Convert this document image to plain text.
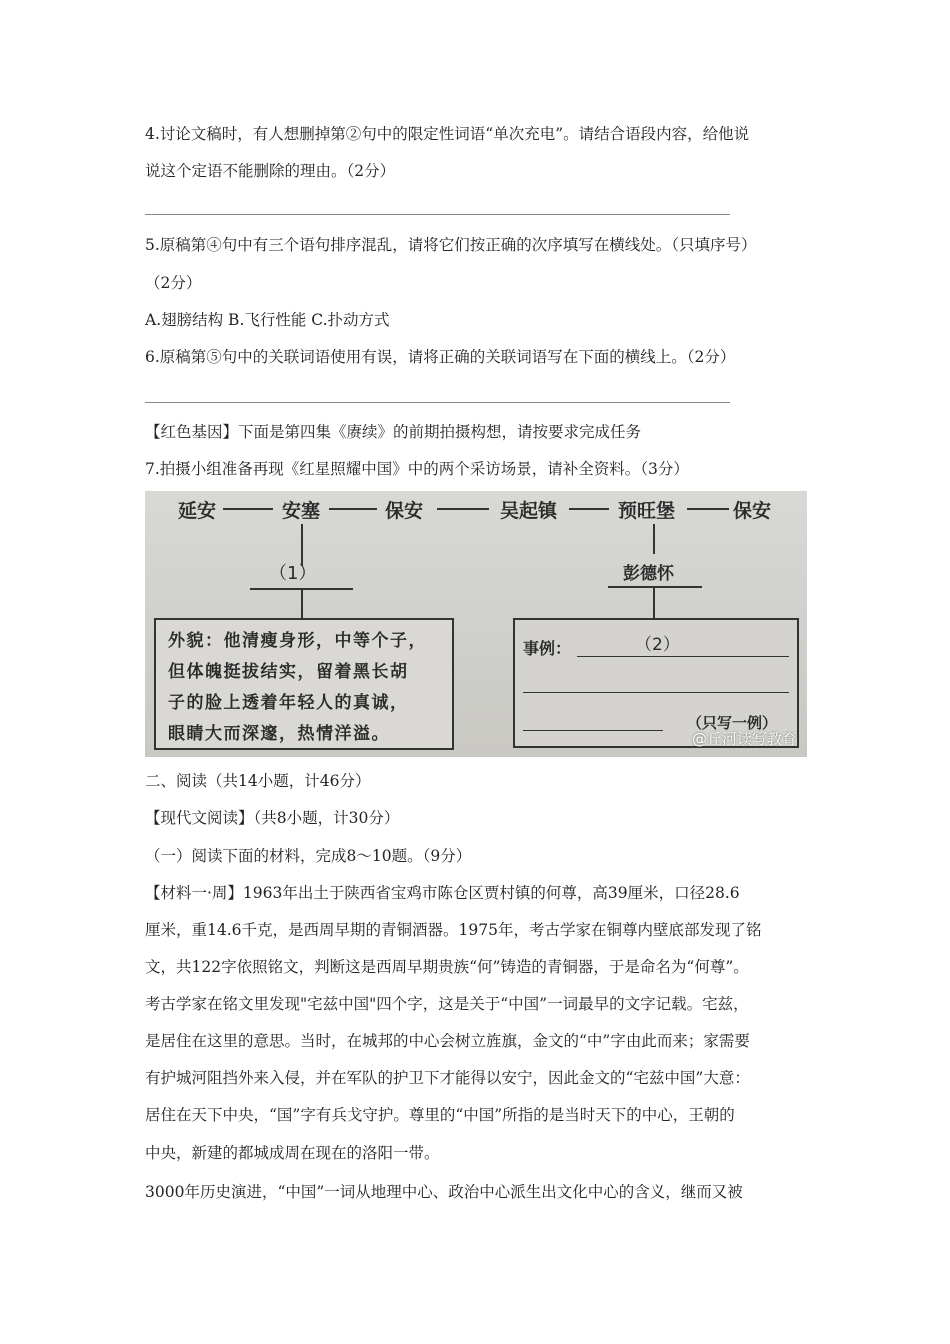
4.讨论文稿时，有人想删掉第②句中的限定性词语“单次充电”。请结合语段内容，给他说
说这个定语不能删除的理由。（2分）
5.原稿第④句中有三个语句排序混乱，请将它们按正确的次序填写在横线处。（只填序号）
（2分）
A.翅膀结构 B.飞行性能 C.扑动方式
6.原稿第⑤句中的关联词语使用有误，请将正确的关联词语写在下面的横线上。（2分）
【红色基因】下面是第四集《赓续》的前期拍摄构想，请按要求完成任务
7.拍摄小组准备再现《红星照耀中国》中的两个采访场景，请补全资料。（3分）
延安	安塞	保安	吴起镇	预旺堡	保安
（1）	彭德怀
外貌：他清瘦身形，中等个子，
但体魄挺拔结实，留着黑长胡
子的脸上透着年轻人的真诚，
眼睛大而深邃，热情洋溢。
事例：	（2）
（只写一例）
@丘河读写教育
二、阅读（共14小题，计46分）
【现代文阅读】（共8小题，计30分）
（一）阅读下面的材料，完成8～10题。（9分）
【材料一·周】1963年出土于陕西省宝鸡市陈仓区贾村镇的何尊，高39厘米，口径28.6
厘米，重14.6千克，是西周早期的青铜酒器。1975年，考古学家在铜尊内壁底部发现了铭
文，共122字依照铭文，判断这是西周早期贵族“何”铸造的青铜器，于是命名为“何尊”。
考古学家在铭文里发现"宅兹中国"四个字，这是关于“中国”一词最早的文字记载。宅兹，
是居住在这里的意思。当时，在城邦的中心会树立旌旗，金文的“中”字由此而来；家需要
有护城河阻挡外来入侵，并在军队的护卫下才能得以安宁，因此金文的“宅兹中国”大意：
居住在天下中央，“国”字有兵戈守护。尊里的“中国”所指的是当时天下的中心，王朝的
中央，新建的都城成周在现在的洛阳一带。
3000年历史演进，“中国”一词从地理中心、政治中心派生出文化中心的含义，继而又被
